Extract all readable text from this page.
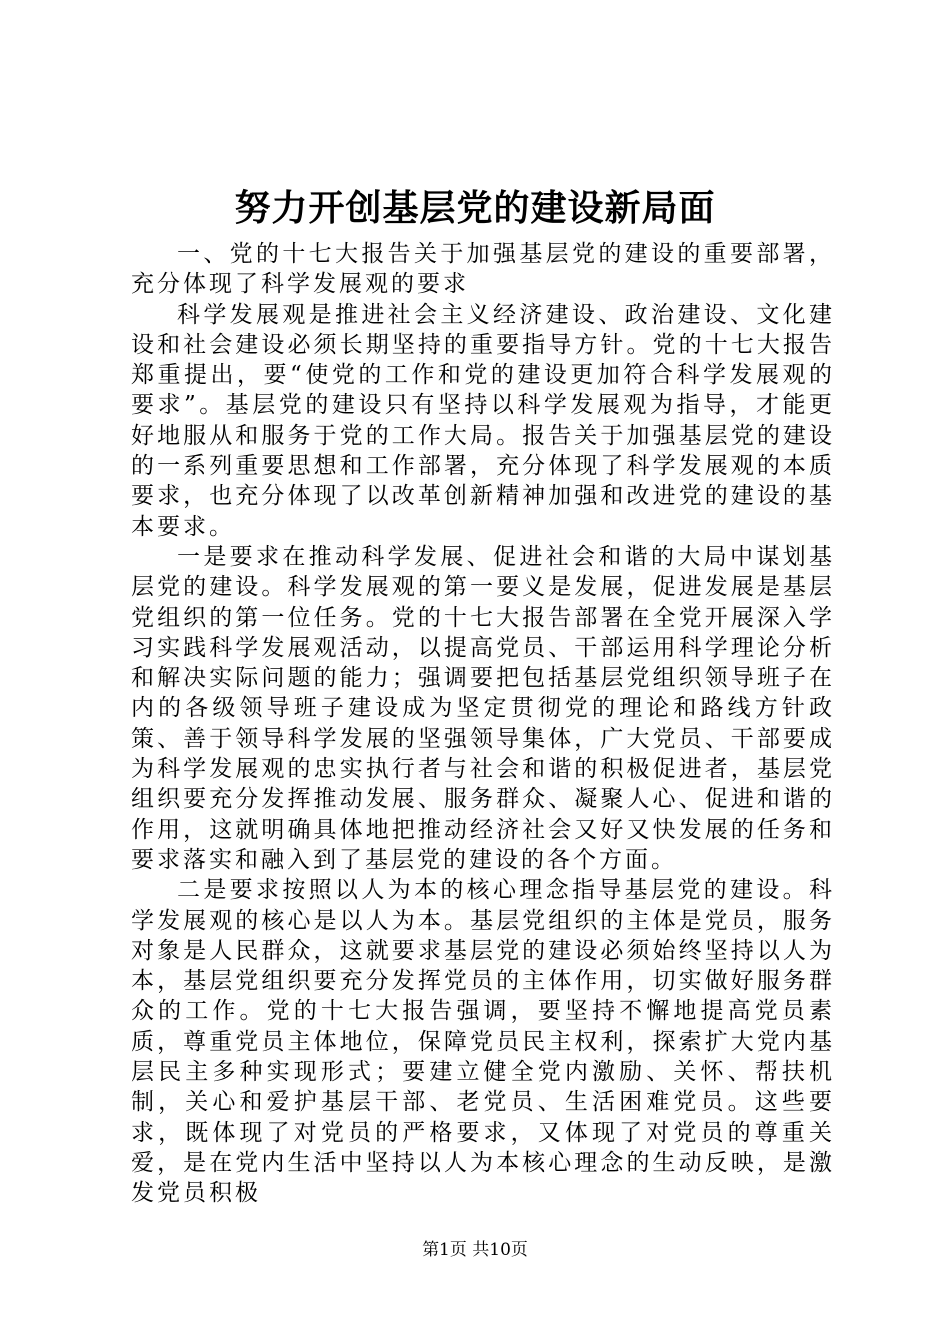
努力开创基层党的建设新局面

一、党的十七大报告关于加强基层党的建设的重要部署，充分体现了科学发展观的要求

科学发展观是推进社会主义经济建设、政治建设、文化建设和社会建设必须长期坚持的重要指导方针。党的十七大报告郑重提出，要“使党的工作和党的建设更加符合科学发展观的要求”。基层党的建设只有坚持以科学发展观为指导，才能更好地服从和服务于党的工作大局。报告关于加强基层党的建设的一系列重要思想和工作部署，充分体现了科学发展观的本质要求，也充分体现了以改革创新精神加强和改进党的建设的基本要求。

一是要求在推动科学发展、促进社会和谐的大局中谋划基层党的建设。科学发展观的第一要义是发展，促进发展是基层党组织的第一位任务。党的十七大报告部署在全党开展深入学习实践科学发展观活动，以提高党员、干部运用科学理论分析和解决实际问题的能力；强调要把包括基层党组织领导班子在内的各级领导班子建设成为坚定贯彻党的理论和路线方针政策、善于领导科学发展的坚强领导集体，广大党员、干部要成为科学发展观的忠实执行者与社会和谐的积极促进者，基层党组织要充分发挥推动发展、服务群众、凝聚人心、促进和谐的作用，这就明确具体地把推动经济社会又好又快发展的任务和要求落实和融入到了基层党的建设的各个方面。

二是要求按照以人为本的核心理念指导基层党的建设。科学发展观的核心是以人为本。基层党组织的主体是党员，服务对象是人民群众，这就要求基层党的建设必须始终坚持以人为本，基层党组织要充分发挥党员的主体作用，切实做好服务群众的工作。党的十七大报告强调，要坚持不懈地提高党员素质，尊重党员主体地位，保障党员民主权利，探索扩大党内基层民主多种实现形式；要建立健全党内激励、关怀、帮扶机制，关心和爱护基层干部、老党员、生活困难党员。这些要求，既体现了对党员的严格要求，又体现了对党员的尊重关爱，是在党内生活中坚持以人为本核心理念的生动反映，是激发党员积极

第1页 共10页
